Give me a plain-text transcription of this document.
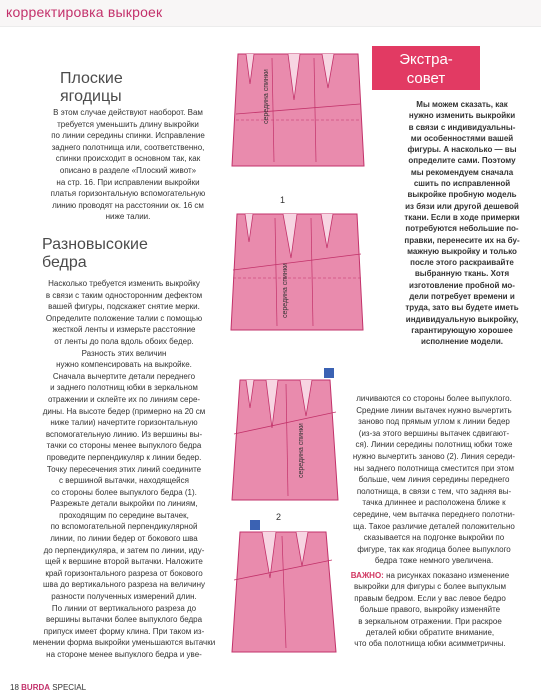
корректировка выкроек
Плоские
ягодицы

В этом случае действуют наоборот. Вам

требуется уменьшить длину выкройки

по линии середины спинки. Исправление

заднего полотнища или, соответственно,

спинки происходит в основном так, как

описано в разделе «Плоский живот»

на стр. 16. При исправлении выкройки

платья горизонтальную вспомогательную

линию проводят на расстоянии ок. 16 см

ниже талии.

Разновысокие
бедра

Насколько требуется изменить выкройку

в связи с таким односторонним дефектом

вашей фигуры, подскажет снятие мерки.

Определите положение талии с помощью

жесткой ленты и измерьте расстояние

от ленты до пола вдоль обоих бедер.

Разность этих величин

нужно компенсировать на выкройке.

Сначала вычертите детали переднего

и заднего полотнищ юбки в зеркальном

отражении и склейте их по линиям сере-

дины. На высоте бедер (примерно на 20 см

ниже талии) начертите горизонтальную

вспомогательную линию. Из вершины вы-

тачки со стороны менее выпуклого бедра

проведите перпендикуляр к линии бедер.

Точку пересечения этих линий соедините

с вершиной вытачки, находящейся

со стороны более выпуклого бедра (1).

Разрежьте детали выкройки по линиям,

проходящим по середине вытачек,

по вспомогательной перпендикулярной

линии, по линии бедер от бокового шва

до перпендикуляра, и затем по линии, иду-

щей к вершине второй вытачки. Наложите

край горизонтального разреза от бокового

шва до вертикального разреза на величину

разности полученных измерений длин.

По линии от вертикального разреза до

вершины вытачки более выпуклого бедра

припуск имеет форму клина. При таком из-

менении форма выкройки уменьшаются вытачки

на стороне менее выпуклого бедра и уве-

Экстра-
совет

Мы можем сказать, как

нужно изменить выкройки

в связи с индивидуальны-

ми особенностями вашей

фигуры. А насколько — вы

определите сами. Поэтому

мы рекомендуем сначала

сшить по исправленной

выкройке пробную модель

из бязи или другой дешевой

ткани. Если в ходе примерки

потребуются небольшие по-

правки, перенесите их на бу-

мажную выкройку и только

после этого раскраивайте

выбранную ткань. Хотя

изготовление пробной мо-

дели потребует времени и

труда, зато вы будете иметь

индивидуальную выкройку,

гарантирующую хорошее

исполнение модели.

личиваются со стороны более выпуклого.

Средние линии вытачек нужно вычертить

заново под прямым углом к линии бедер

(из-за этого вершины вытачек сдвигают-

ся). Линии середины полотнищ юбки тоже

нужно вычертить заново (2). Линия середи-

ны заднего полотнища сместится при этом

больше, чем линия середины переднего

полотнища, в связи с тем, что задняя вы-

тачка длиннее и расположена ближе к

середине, чем вытачка переднего полотни-

ща. Такое различие деталей положительно

сказывается на подгонке выкройки по

фигуре, так как ягодица более выпуклого

бедра тоже немного увеличена.

ВАЖНО: на рисунках показано изменение

выкройки для фигуры с более выпуклым

правым бедром. Если у вас левое бедро

больше правого, выкройку изменяйте

в зеркальном отражении. При раскрое

деталей юбки обратите внимание,

что оба полотнища юбки асимметричны.

середина спинки
1
середина спинки
середина спинки
2
18 BURDA SPECIAL
